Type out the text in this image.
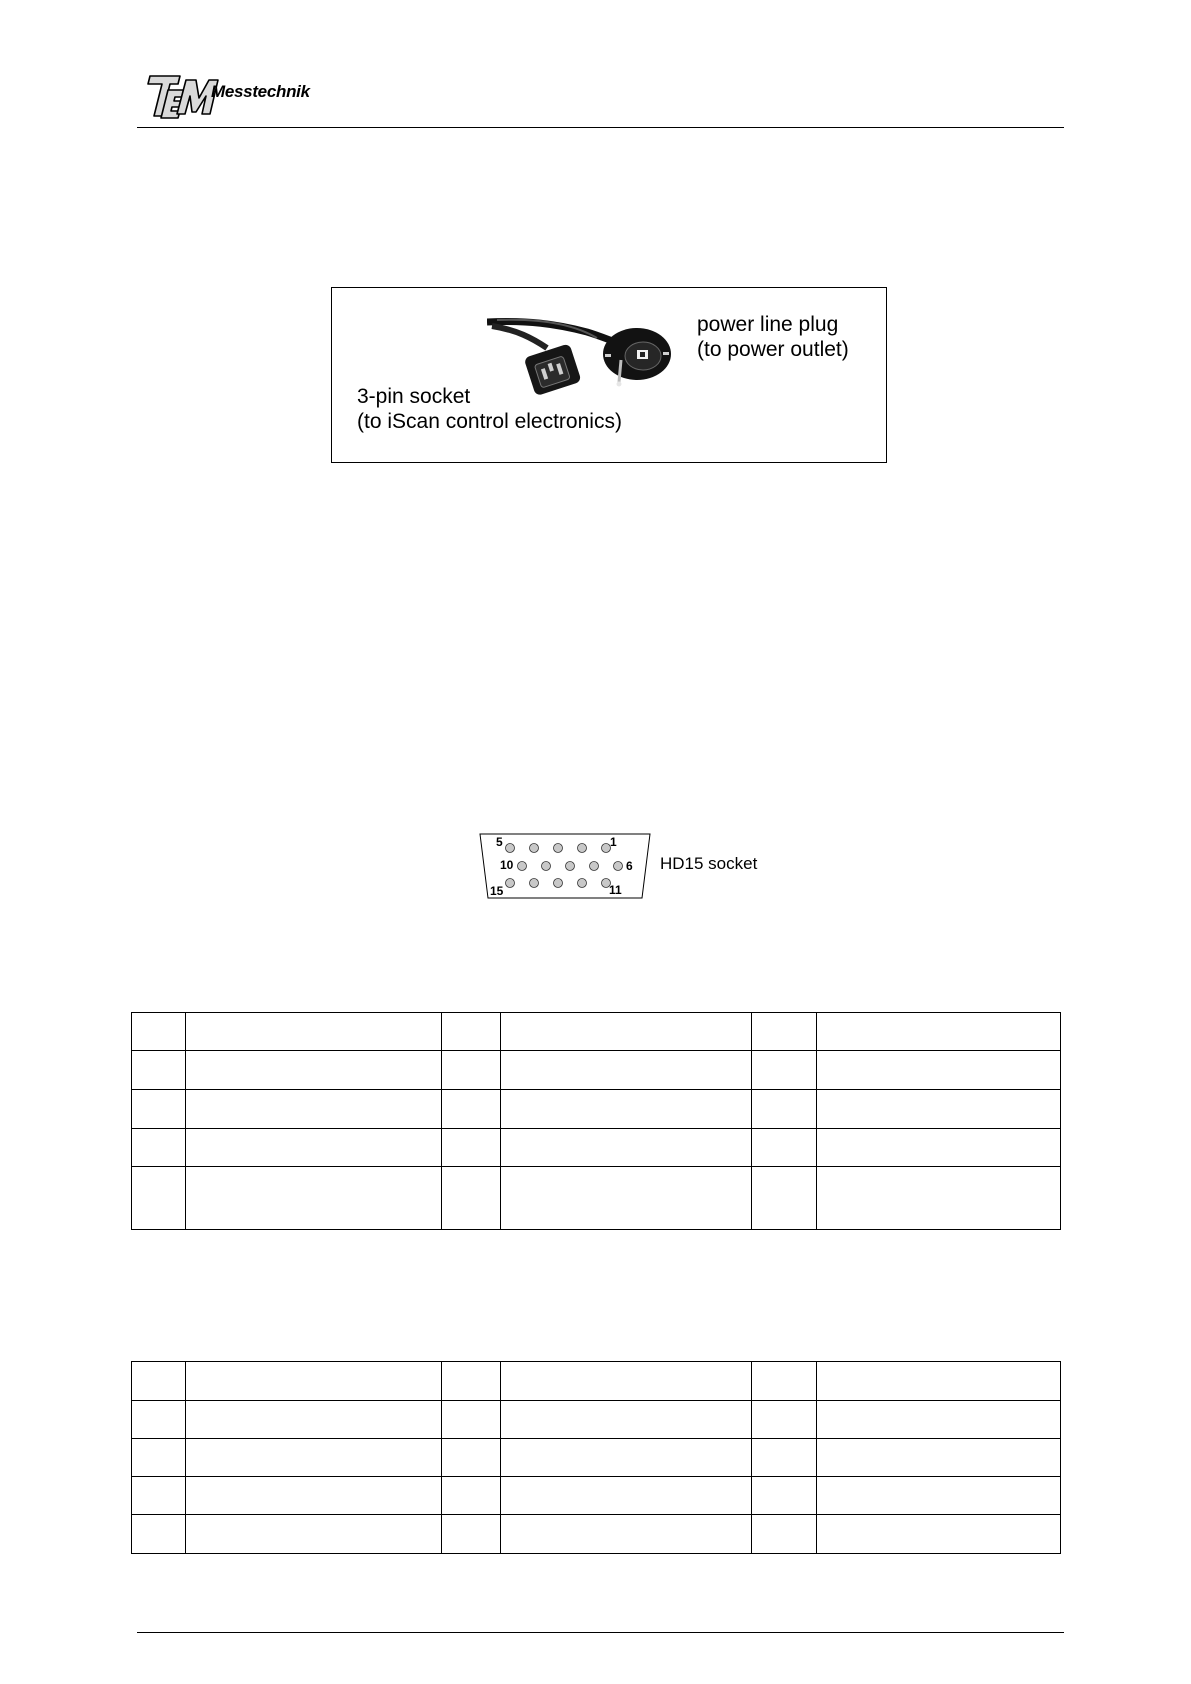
Messtechnik
power line plug
(to power outlet)
3-pin socket
(to iScan control electronics)
5	1
10	6
15	11
HD15 socket
